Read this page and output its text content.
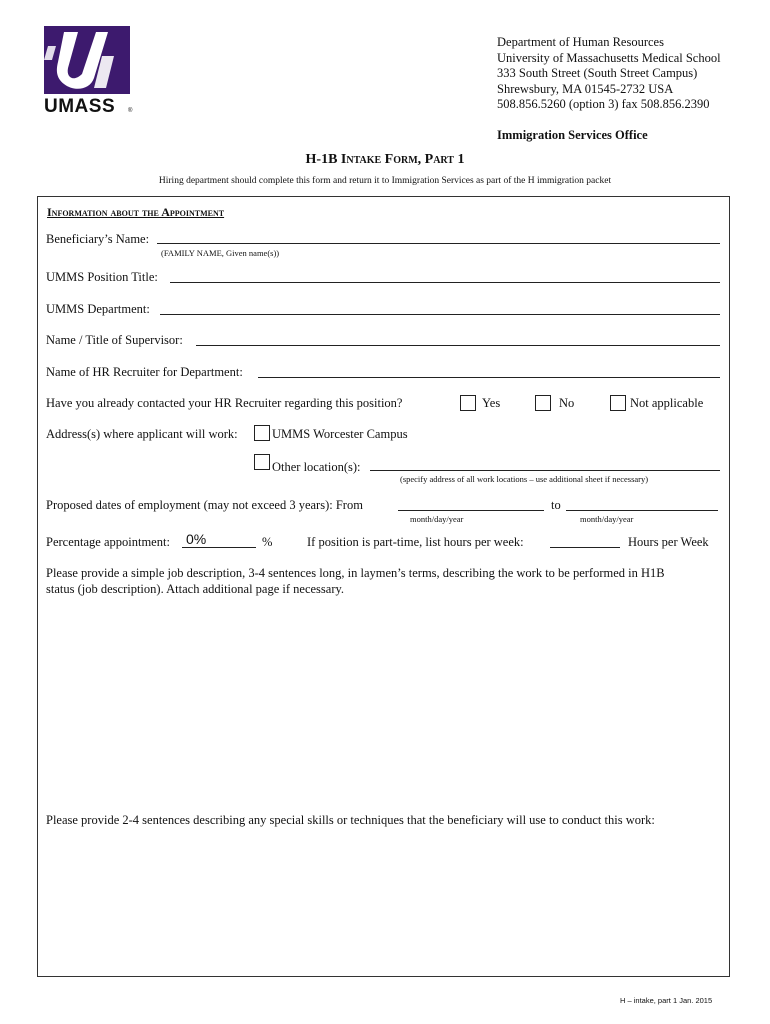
UMASS ®
Department of Human Resources
University of Massachusetts Medical School
333 South Street (South Street Campus)
Shrewsbury, MA 01545-2732 USA
508.856.5260 (option 3) fax 508.856.2390
Immigration Services Office
H-1B Intake Form, Part 1
Hiring department should complete this form and return it to Immigration Services as part of the H immigration packet
Information about the Appointment
Beneficiary’s Name:
(FAMILY NAME, Given name(s))
UMMS Position Title:
UMMS Department:
Name / Title of Supervisor:
Name of HR Recruiter for Department:
Have you already contacted your HR Recruiter regarding this position?	Yes	No	Not applicable
Address(s) where applicant will work:	UMMS Worcester Campus
Other location(s):
(specify address of all work locations – use additional sheet if necessary)
Proposed dates of employment (may not exceed 3 years): From	to
month/day/year	month/day/year
Percentage appointment: 0%	%	If position is part-time, list hours per week:	Hours per Week
Please provide a simple job description, 3-4 sentences long, in laymen’s terms, describing the work to be performed in H1B
status (job description). Attach additional page if necessary.
Please provide 2-4 sentences describing any special skills or techniques that the beneficiary will use to conduct this work:
H – intake, part 1 Jan. 2015
